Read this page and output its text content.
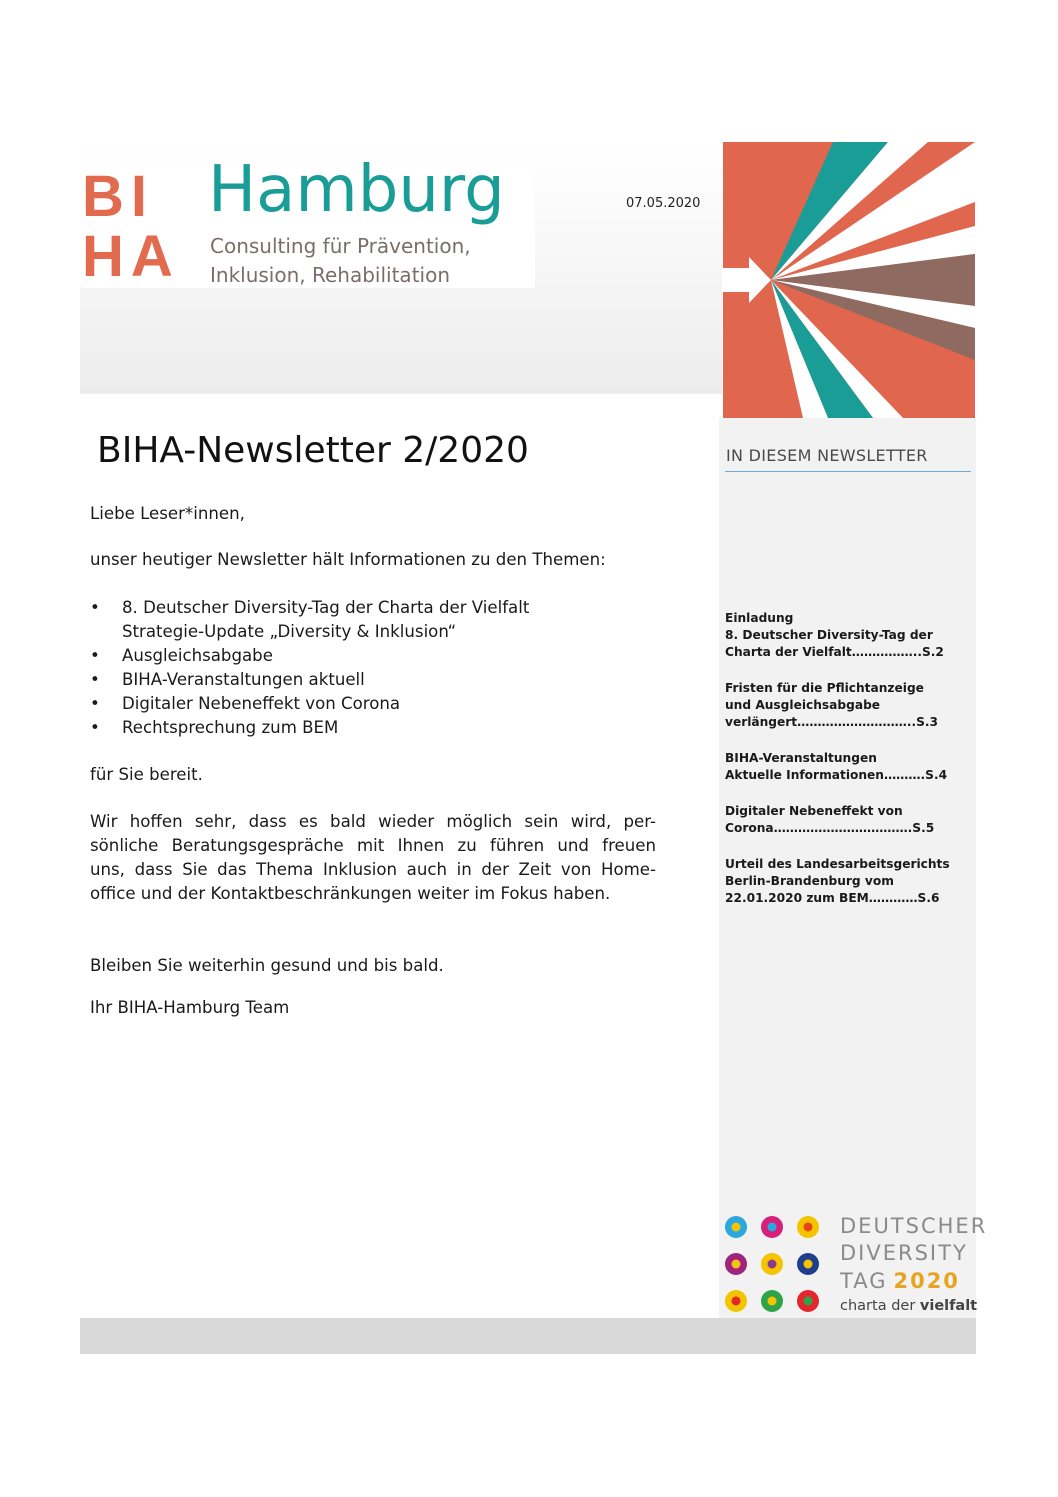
BI
HA
Hamburg
Consulting für Prävention,
Inklusion, Rehabilitation
07.05.2020
IN DIESEM NEWSLETTER
Einladung
8. Deutscher Diversity-Tag der
Charta der Vielfalt……………..S.2
Fristen für die Pflichtanzeige
und Ausgleichsabgabe
verlängert………………………..S.3
BIHA-Veranstaltungen
Aktuelle Informationen……….S.4
Digitaler Nebeneffekt von
Corona…………………………….S.5
Urteil des Landesarbeitsgerichts
Berlin-Brandenburg vom
22.01.2020 zum BEM…………S.6
DEUTSCHER
DIVERSITY
TAG 2020
charta der vielfalt
BIHA-Newsletter 2/2020
Liebe Leser*innen,
unser heutiger Newsletter hält Informationen zu den Themen:
• 8. Deutscher Diversity-Tag der Charta der Vielfalt
Strategie-Update „Diversity & Inklusion“
• Ausgleichsabgabe
• BIHA-Veranstaltungen aktuell
• Digitaler Nebeneffekt von Corona
• Rechtsprechung zum BEM
für Sie bereit.
Wir hoffen sehr, dass es bald wieder möglich sein wird, per-
sönliche Beratungsgespräche mit Ihnen zu führen und freuen
uns, dass Sie das Thema Inklusion auch in der Zeit von Home-
office und der Kontaktbeschränkungen weiter im Fokus haben.
Bleiben Sie weiterhin gesund und bis bald.
Ihr BIHA-Hamburg Team
